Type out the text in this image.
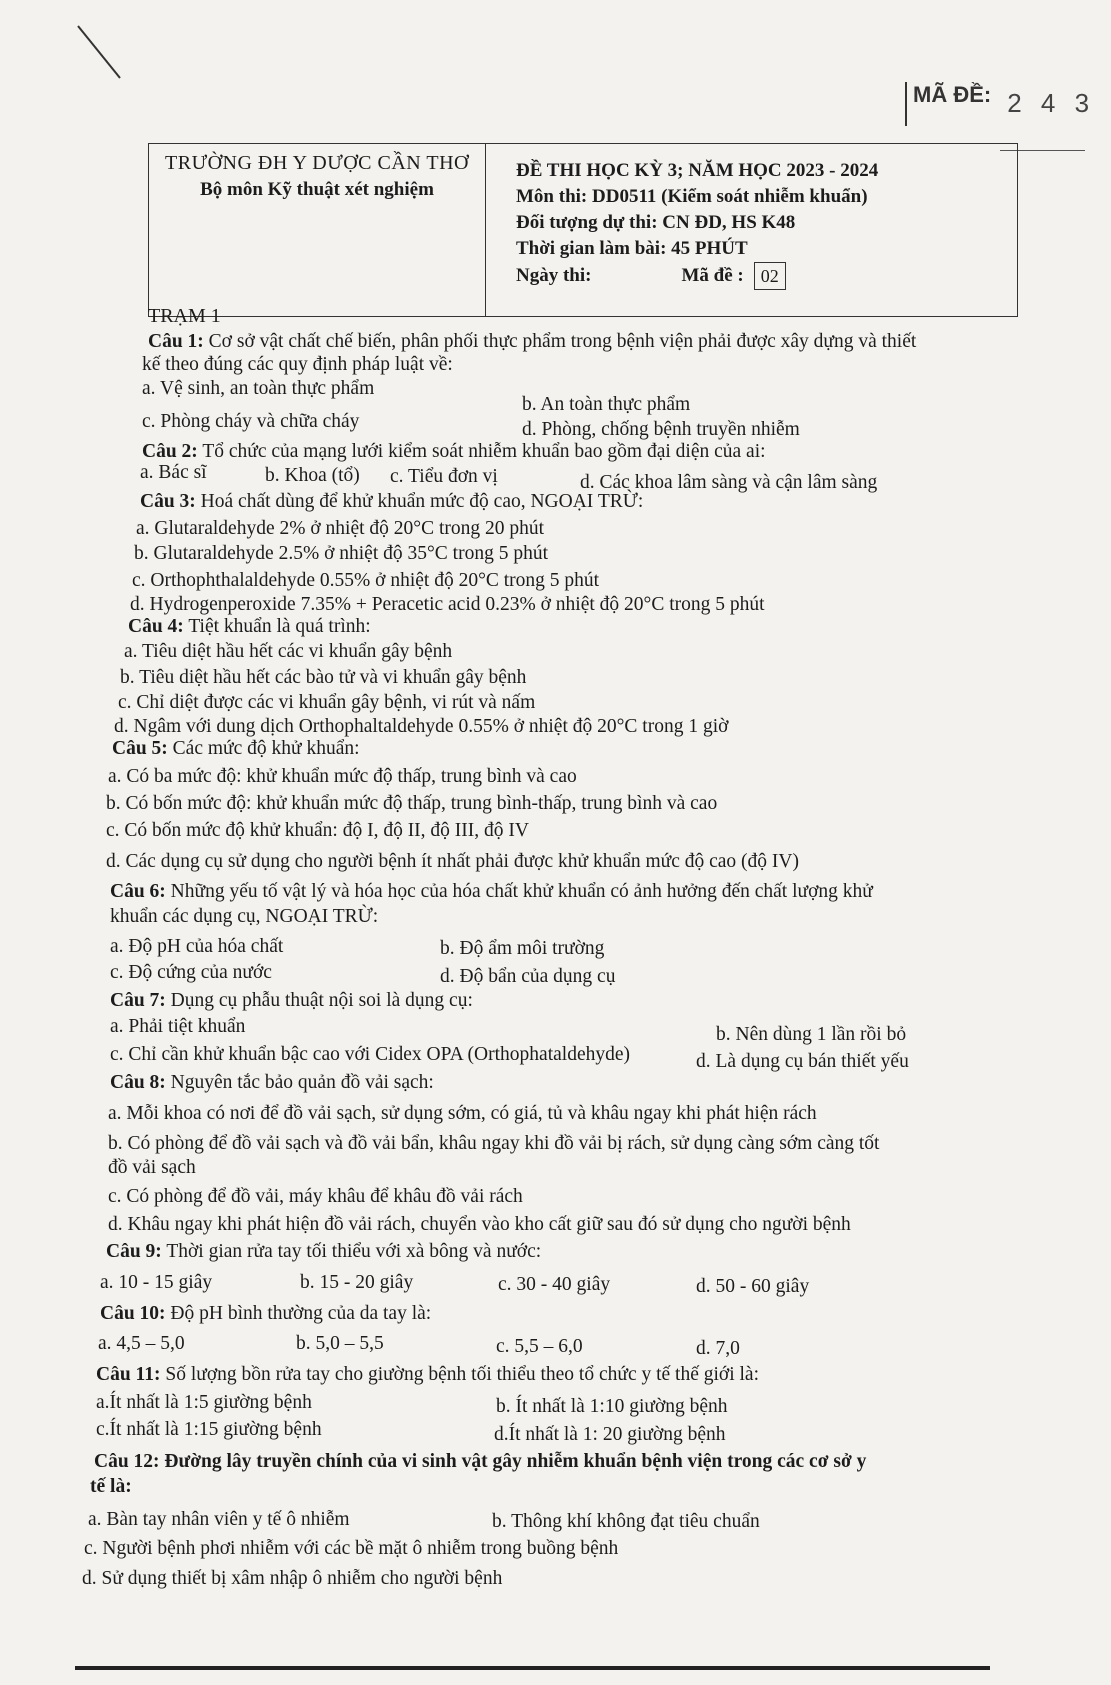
MÃ ĐỀ: 2 4 3
TRƯỜNG ĐH Y DƯỢC CẦN THƠ
Bộ môn Kỹ thuật xét nghiệm
ĐỀ THI HỌC KỲ 3; NĂM HỌC 2023 - 2024
Môn thi: DD0511 (Kiểm soát nhiễm khuẩn)
Đối tượng dự thi: CN ĐD, HS K48
Thời gian làm bài: 45 PHÚT
Ngày thi:	Mã đề : 02
TRẠM 1
Câu 1: Cơ sở vật chất chế biến, phân phối thực phẩm trong bệnh viện phải được xây dựng và thiết
kế theo đúng các quy định pháp luật về:
a. Vệ sinh, an toàn thực phẩm
b. An toàn thực phẩm
c. Phòng cháy và chữa cháy	d. Phòng, chống bệnh truyền nhiễm
Câu 2: Tổ chức của mạng lưới kiểm soát nhiễm khuẩn bao gồm đại diện của ai:
a. Bác sĩ	b. Khoa (tổ) c. Tiểu đơn vị	d. Các khoa lâm sàng và cận lâm sàng
Câu 3: Hoá chất dùng để khử khuẩn mức độ cao, NGOẠI TRỪ:
a. Glutaraldehyde 2% ở nhiệt độ 20°C trong 20 phút
b. Glutaraldehyde 2.5% ở nhiệt độ 35°C trong 5 phút
c. Orthophthalaldehyde 0.55% ở nhiệt độ 20°C trong 5 phút
d. Hydrogenperoxide 7.35% + Peracetic acid 0.23% ở nhiệt độ 20°C trong 5 phút
Câu 4: Tiệt khuẩn là quá trình:
a. Tiêu diệt hầu hết các vi khuẩn gây bệnh
b. Tiêu diệt hầu hết các bào tử và vi khuẩn gây bệnh
c. Chỉ diệt được các vi khuẩn gây bệnh, vi rút và nấm
d. Ngâm với dung dịch Orthophaltaldehyde 0.55% ở nhiệt độ 20°C trong 1 giờ
Câu 5: Các mức độ khử khuẩn:
a. Có ba mức độ: khử khuẩn mức độ thấp, trung bình và cao
b. Có bốn mức độ: khử khuẩn mức độ thấp, trung bình-thấp, trung bình và cao
c. Có bốn mức độ khử khuẩn: độ I, độ II, độ III, độ IV
d. Các dụng cụ sử dụng cho người bệnh ít nhất phải được khử khuẩn mức độ cao (độ IV)
Câu 6: Những yếu tố vật lý và hóa học của hóa chất khử khuẩn có ảnh hưởng đến chất lượng khử
khuẩn các dụng cụ, NGOẠI TRỪ:
a. Độ pH của hóa chất	b. Độ ẩm môi trường
c. Độ cứng của nước	d. Độ bẩn của dụng cụ
Câu 7: Dụng cụ phẫu thuật nội soi là dụng cụ:
a. Phải tiệt khuẩn	b. Nên dùng 1 lần rồi bỏ
c. Chỉ cần khử khuẩn bậc cao với Cidex OPA (Orthophataldehyde)	d. Là dụng cụ bán thiết yếu
Câu 8: Nguyên tắc bảo quản đồ vải sạch:
a. Mỗi khoa có nơi để đồ vải sạch, sử dụng sớm, có giá, tủ và khâu ngay khi phát hiện rách
b. Có phòng để đồ vải sạch và đồ vải bẩn, khâu ngay khi đồ vải bị rách, sử dụng càng sớm càng tốt
đồ vải sạch
c. Có phòng để đồ vải, máy khâu để khâu đồ vải rách
d. Khâu ngay khi phát hiện đồ vải rách, chuyển vào kho cất giữ sau đó sử dụng cho người bệnh
Câu 9: Thời gian rửa tay tối thiểu với xà bông và nước:
a. 10 - 15 giây	b. 15 - 20 giây	c. 30 - 40 giây	d. 50 - 60 giây
Câu 10: Độ pH bình thường của da tay là:
a. 4,5 – 5,0	b. 5,0 – 5,5	c. 5,5 – 6,0	d. 7,0
Câu 11: Số lượng bồn rửa tay cho giường bệnh tối thiểu theo tổ chức y tế thế giới là:
a.Ít nhất là 1:5 giường bệnh	b. Ít nhất là 1:10 giường bệnh
c.Ít nhất là 1:15 giường bệnh	d.Ít nhất là 1: 20 giường bệnh
Câu 12: Đường lây truyền chính của vi sinh vật gây nhiễm khuẩn bệnh viện trong các cơ sở y
tế là:
a. Bàn tay nhân viên y tế ô nhiễm	b. Thông khí không đạt tiêu chuẩn
c. Người bệnh phơi nhiễm với các bề mặt ô nhiễm trong buồng bệnh
d. Sử dụng thiết bị xâm nhập ô nhiễm cho người bệnh
